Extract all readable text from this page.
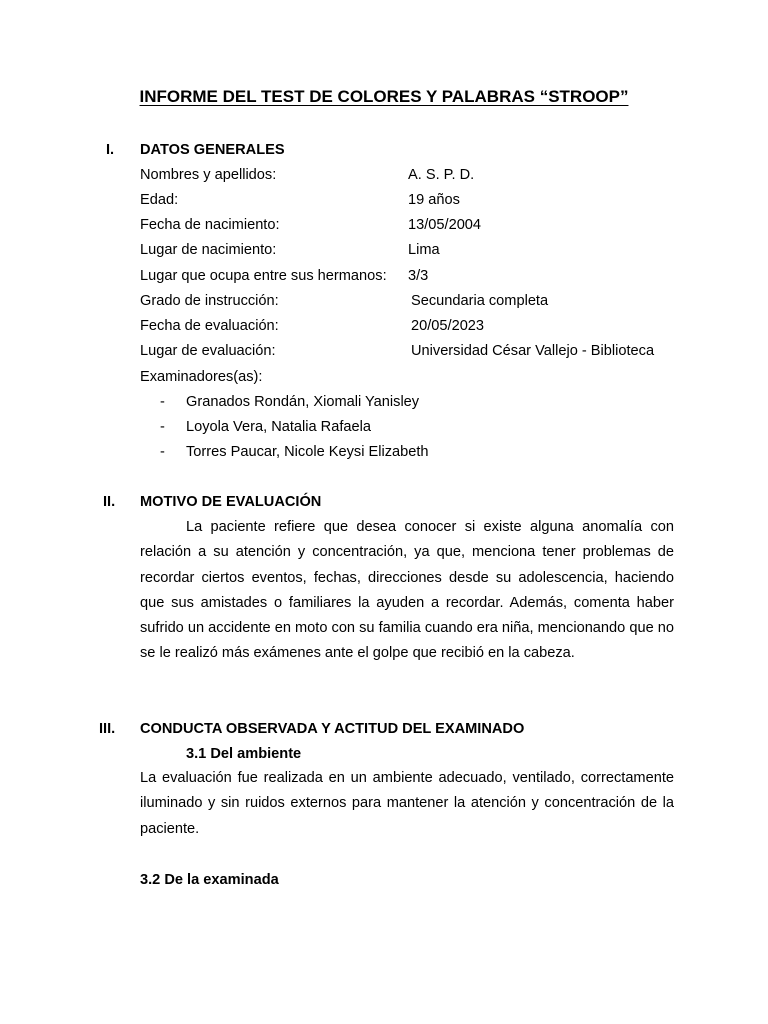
INFORME DEL TEST DE COLORES Y PALABRAS “STROOP”
I. DATOS GENERALES
Nombres y apellidos:	A. S. P. D.
Edad:	19 años
Fecha de nacimiento:	13/05/2004
Lugar de nacimiento:	Lima
Lugar que ocupa entre sus hermanos: 3/3
Grado de instrucción:	Secundaria completa
Fecha de evaluación:	20/05/2023
Lugar de evaluación:	Universidad César Vallejo - Biblioteca
Examinadores(as):
- Granados Rondán, Xiomali Yanisley
- Loyola Vera, Natalia Rafaela
- Torres Paucar, Nicole Keysi Elizabeth
II. MOTIVO DE EVALUACIÓN
La paciente refiere que desea conocer si existe alguna anomalía con relación a su atención y concentración, ya que, menciona tener problemas de recordar ciertos eventos, fechas, direcciones desde su adolescencia, haciendo que sus amistades o familiares la ayuden a recordar. Además, comenta haber sufrido un accidente en moto con su familia cuando era niña, mencionando que no se le realizó más exámenes ante el golpe que recibió en la cabeza.
III. CONDUCTA OBSERVADA Y ACTITUD DEL EXAMINADO
3.1 Del ambiente
La evaluación fue realizada en un ambiente adecuado, ventilado, correctamente iluminado y sin ruidos externos para mantener la atención y concentración de la paciente.
3.2 De la examinada
